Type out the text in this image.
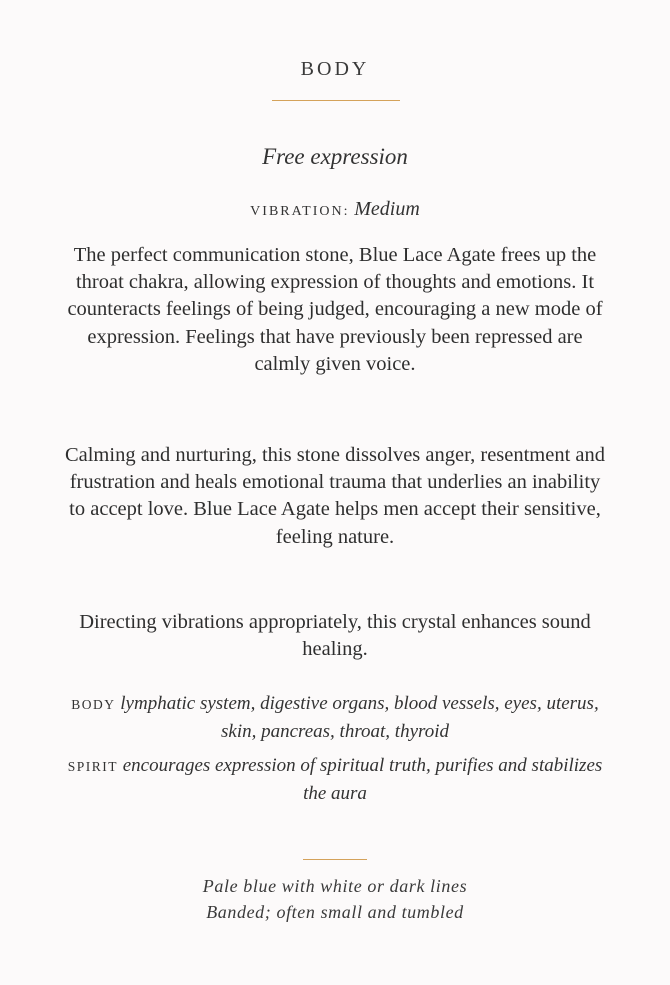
BODY
Free expression
VIBRATION: Medium
The perfect communication stone, Blue Lace Agate frees up the throat chakra, allowing expression of thoughts and emotions. It counteracts feelings of being judged, encouraging a new mode of expression. Feelings that have previously been repressed are calmly given voice.
Calming and nurturing, this stone dissolves anger, resentment and frustration and heals emotional trauma that underlies an inability to accept love. Blue Lace Agate helps men accept their sensitive, feeling nature.
Directing vibrations appropriately, this crystal enhances sound healing.
BODY lymphatic system, digestive organs, blood vessels, eyes, uterus, skin, pancreas, throat, thyroid
SPIRIT encourages expression of spiritual truth, purifies and stabilizes the aura
Pale blue with white or dark lines
Banded; often small and tumbled
